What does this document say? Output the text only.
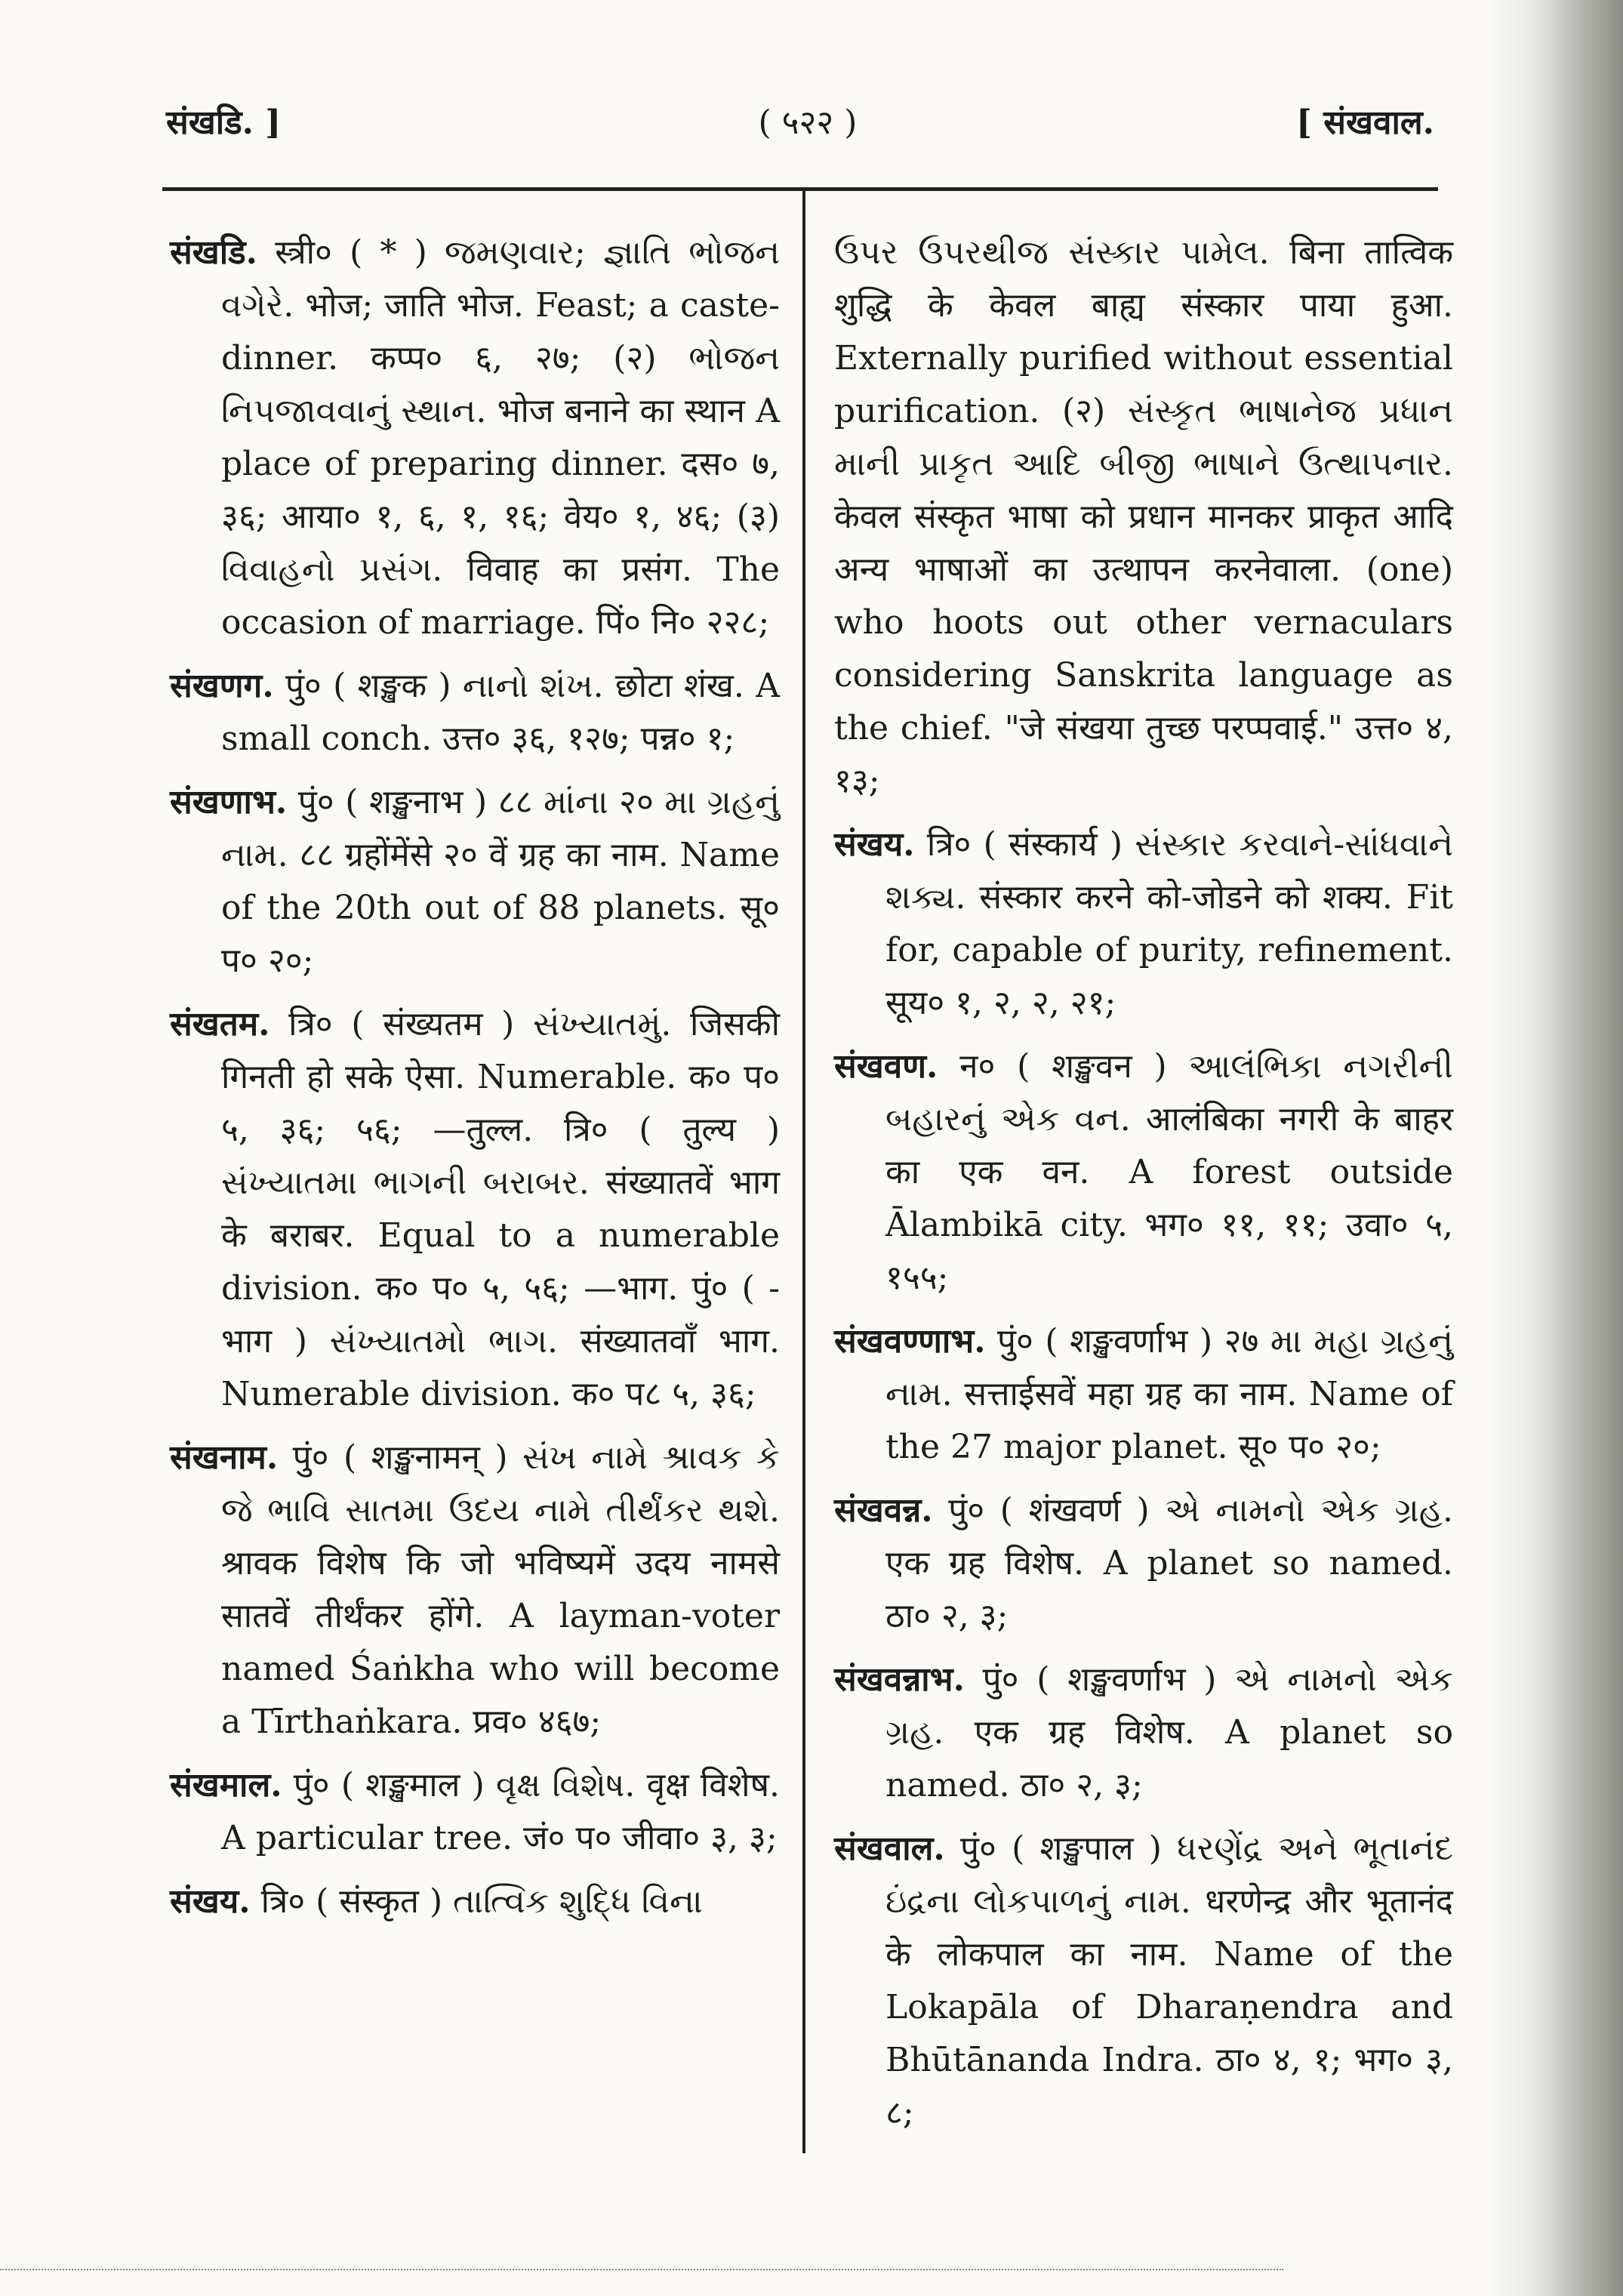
संखडि. ]	( ५२२ )	[ संखवाल.

संखडि. स्त्री० ( * ) જમણવાર; જ્ઞાતિ ભોજન વગેરે. भोज; जाति भोज. Feast; a caste-dinner. कप्प० ६, २७; (२) ભોજન નિપજાવવાનું સ્થાન. भोज बनाने का स्थान A place of preparing dinner. दस० ७, ३६; आया० १, ६, १, १६; वेय० १, ४६; (३) વિવાહનો પ્રસંગ. विवाह का प्रसंग. The occasion of marriage. पिं० नि० २२८;

संखणग. पुं० ( शङ्खक ) નાનો શંખ. छोटा शंख. A small conch. उत्त० ३६, १२७; पन्न० १;

संखणाभ. पुं० ( शङ्खनाभ ) ८८ માંના २० મા ગ્રહનું નામ. ८८ ग्रहोंमेंसे २० वें ग्रह का नाम. Name of the 20th out of 88 planets. सू० प० २०;

संखतम. त्रि० ( संख्यतम ) સંખ્યાતમું. जिसकी गिनती हो सके ऐसा. Numerable. क० प० ५, ३६; ५६; —तुल्ल. त्रि० ( तुल्य ) સંખ્યાતમા ભાગની બરાબર. संख्यातवें भाग के बराबर. Equal to a numerable division. क० प० ५, ५६; —भाग. पुं० ( -भाग ) સંખ્યાતમો ભાગ. संख्यातवाँ भाग. Numerable division. क० प८ ५, ३६;

संखनाम. पुं० ( शङ्खनामन् ) સંખ નામે શ્રાવક કે જે ભાવિ સાતમા ઉદય નામે તીર્થંકર થશે. श्रावक विशेष कि जो भविष्यमें उदय नामसे सातवें तीर्थंकर होंगे. A layman-voter named Śaṅkha who will become a Tīrthaṅkara. प्रव० ४६७;

संखमाल. पुं० ( शङ्खमाल ) વૃક્ષ વિશેષ. वृक्ष विशेष. A particular tree. जं० प० जीवा० ३, ३;

संखय. त्रि० ( संस्कृत ) તાત્વિક શુદ્ધિ વિના

ઉપર ઉપરથીજ સંસ્કાર પામેલ. बिना तात्विक शुद्धि के केवल बाह्य संस्कार पाया हुआ. Externally purified without essential purification. (२) સંસ્કૃત ભાષાનેજ પ્રધાન માની પ્રાકૃત આદિ બીજી ભાષાને ઉત્થાપનાર. केवल संस्कृत भाषा को प्रधान मानकर प्राकृत आदि अन्य भाषाओं का उत्थापन करनेवाला. (one) who hoots out other vernaculars considering Sanskrita language as the chief. "जे संखया तुच्छ परप्पवाई." उत्त० ४, १३;

संखय. त्रि० ( संस्कार्य ) સંસ્કાર કરવાને-સાંધવાને શક્ય. संस्कार करने को-जोडने को शक्य. Fit for, capable of purity, refinement. सूय० १, २, २, २१;

संखवण. न० ( शङ्खवन ) આલંભિકા નગરીની બહારનું એક વન. आलंबिका नगरी के बाहर का एक वन. A forest outside Ālambikā city. भग० ११, ११; उवा० ५, १५५;

संखवण्णाभ. पुं० ( शङ्खवर्णाभ ) २७ મા મહા ગ્રહનું નામ. सत्ताईसवें महा ग्रह का नाम. Name of the 27 major planet. सू० प० २०;

संखवन्न. पुं० ( शंखवर्ण ) એ નામનો એક ગ્રહ. एक ग्रह विशेष. A planet so named. ठा० २, ३;

संखवन्नाभ. पुं० ( शङ्खवर्णाभ ) એ નામનો એક ગ્રહ. एक ग्रह विशेष. A planet so named. ठा० २, ३;

संखवाल. पुं० ( शङ्खपाल ) ધરણેંદ્ર અને ભૂતાનંદ ઇંદ્રના લોકપાળનું નામ. धरणेन्द्र और भूतानंद के लोकपाल का नाम. Name of the Lokapāla of Dharaṇendra and Bhūtānanda Indra. ठा० ४, १; भग० ३, ८;
